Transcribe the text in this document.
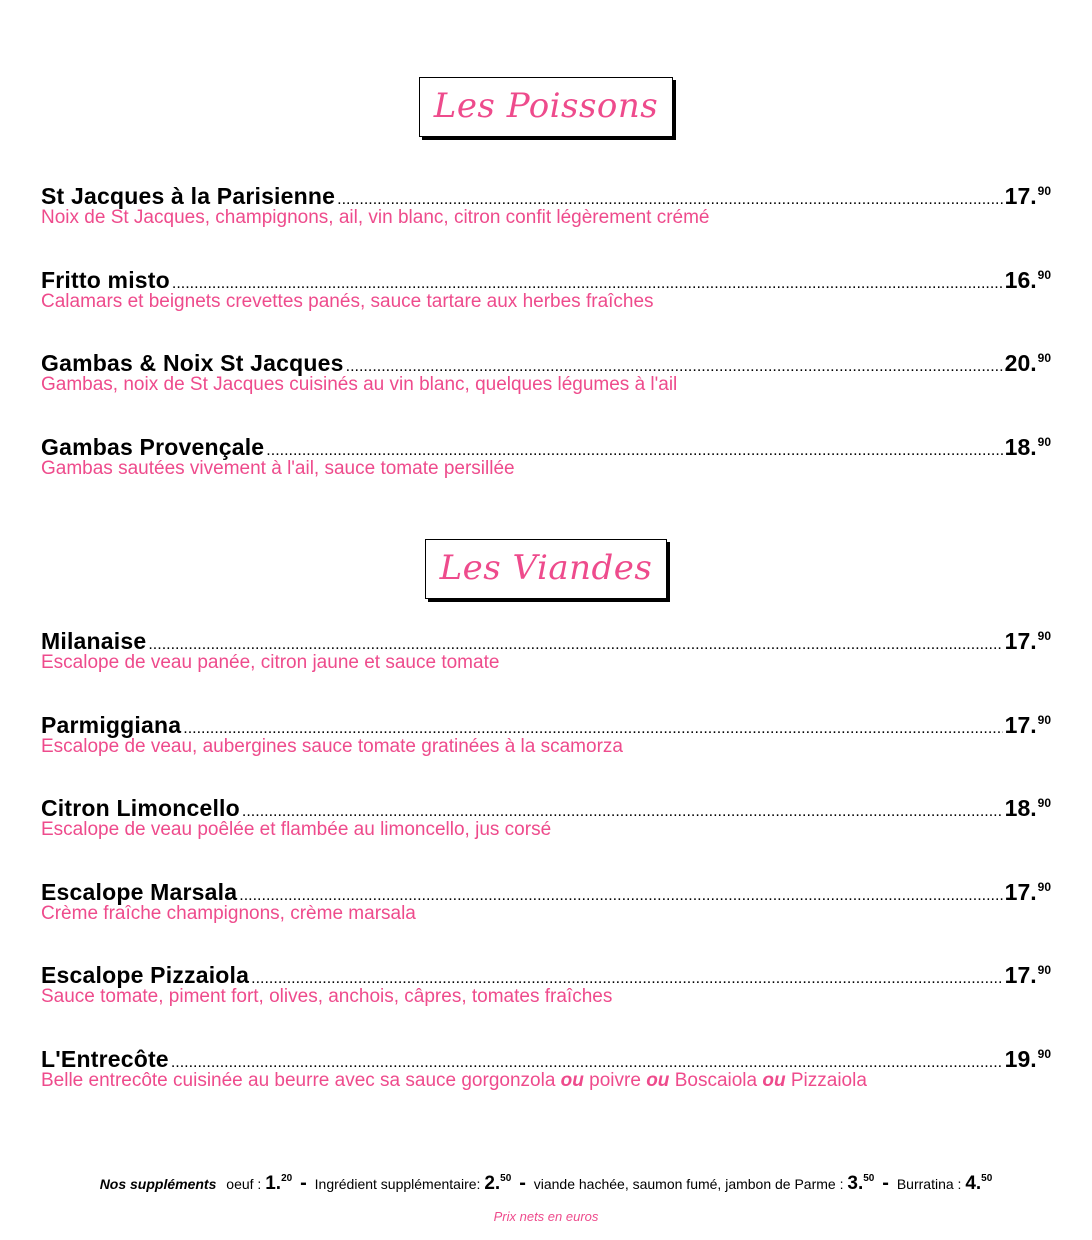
Les Poissons
St Jacques à la Parisienne .....	17.90
Noix de St Jacques, champignons, ail, vin blanc, citron confit légèrement crémé
Fritto misto .....	16.90
Calamars et beignets crevettes panés, sauce tartare aux herbes fraîches
Gambas & Noix St Jacques .....	20.90
Gambas, noix de St Jacques cuisinés au vin blanc, quelques légumes à l'ail
Gambas Provençale .....	18.90
Gambas sautées vivement à l'ail, sauce tomate persillée
Les Viandes
Milanaise .....	17.90
Escalope de veau panée, citron jaune et sauce tomate
Parmiggiana .....	17.90
Escalope de veau, aubergines sauce tomate gratinées à la scamorza
Citron Limoncello .....	18.90
Escalope de veau poêlée et flambée au limoncello, jus corsé
Escalope Marsala .....	17.90
Crème fraîche champignons, crème marsala
Escalope Pizzaiola .....	17.90
Sauce tomate, piment fort, olives, anchois, câpres, tomates fraîches
L'Entrecôte .....	19.90
Belle entrecôte cuisinée au beurre avec sa sauce gorgonzola ou poivre ou Boscaiola ou Pizzaiola
Nos suppléments oeuf : 1.20 - Ingrédient supplémentaire: 2.50 - viande hachée, saumon fumé, jambon de Parme : 3.50 - Burratina : 4.50
Prix nets en euros
